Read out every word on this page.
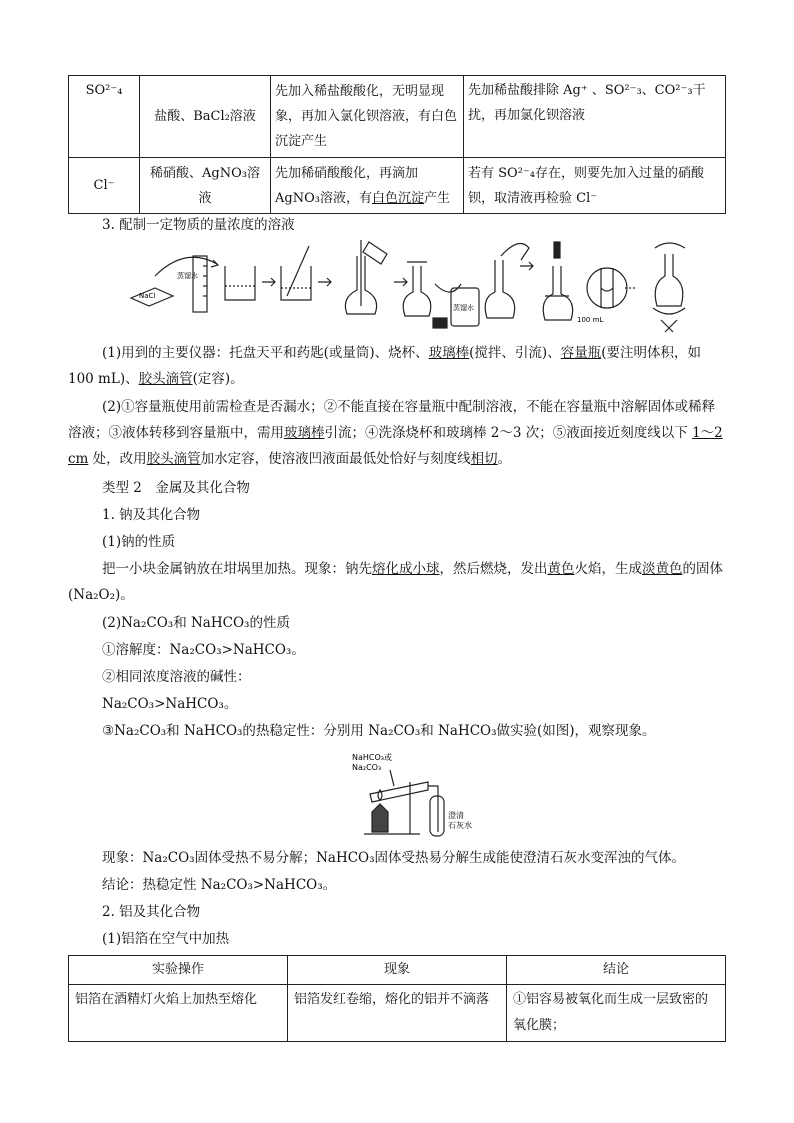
SO²⁻₄	盐酸、BaCl₂溶液	先加入稀盐酸酸化，无明显现象，再加入氯化钡溶液，有白色沉淀产生	先加稀盐酸排除 Ag⁺ 、SO²⁻₃、CO²⁻₃干扰，再加氯化钡溶液
Cl⁻	稀硝酸、AgNO₃溶液	先加稀硝酸酸化，再滴加 AgNO₃溶液，有白色沉淀产生	若有 SO²⁻₄存在，则要先加入过量的硝酸钡，取清液再检验 Cl⁻
3. 配制一定物质的量浓度的溶液
NaCl
蒸馏水
蒸馏水
100 mL
(1)用到的主要仪器：托盘天平和药匙(或量筒)、烧杯、玻璃棒(搅拌、引流)、容量瓶(要注明体积，如 100 mL)、胶头滴管(定容)。
(2)①容量瓶使用前需检查是否漏水；②不能直接在容量瓶中配制溶液，不能在容量瓶中溶解固体或稀释溶液；③液体转移到容量瓶中，需用玻璃棒引流；④洗涤烧杯和玻璃棒 2～3 次；⑤液面接近刻度线以下 1～2 cm 处，改用胶头滴管加水定容，使溶液凹液面最低处恰好与刻度线相切。
类型 2　金属及其化合物
1. 钠及其化合物
(1)钠的性质
把一小块金属钠放在坩埚里加热。现象：钠先熔化成小球，然后燃烧，发出黄色火焰，生成淡黄色的固体(Na₂O₂)。
(2)Na₂CO₃和 NaHCO₃的性质
①溶解度：Na₂CO₃>NaHCO₃。
②相同浓度溶液的碱性：
Na₂CO₃>NaHCO₃。
③Na₂CO₃和 NaHCO₃的热稳定性：分别用 Na₂CO₃和 NaHCO₃做实验(如图)，观察现象。
NaHCO₃或
Na₂CO₃
澄清
石灰水
现象：Na₂CO₃固体受热不易分解；NaHCO₃固体受热易分解生成能使澄清石灰水变浑浊的气体。
结论：热稳定性 Na₂CO₃>NaHCO₃。
2. 铝及其化合物
(1)铝箔在空气中加热
实验操作	现象	结论
铝箔在酒精灯火焰上加热至熔化	铝箔发红卷缩，熔化的铝并不滴落	①铝容易被氧化而生成一层致密的氧化膜；
